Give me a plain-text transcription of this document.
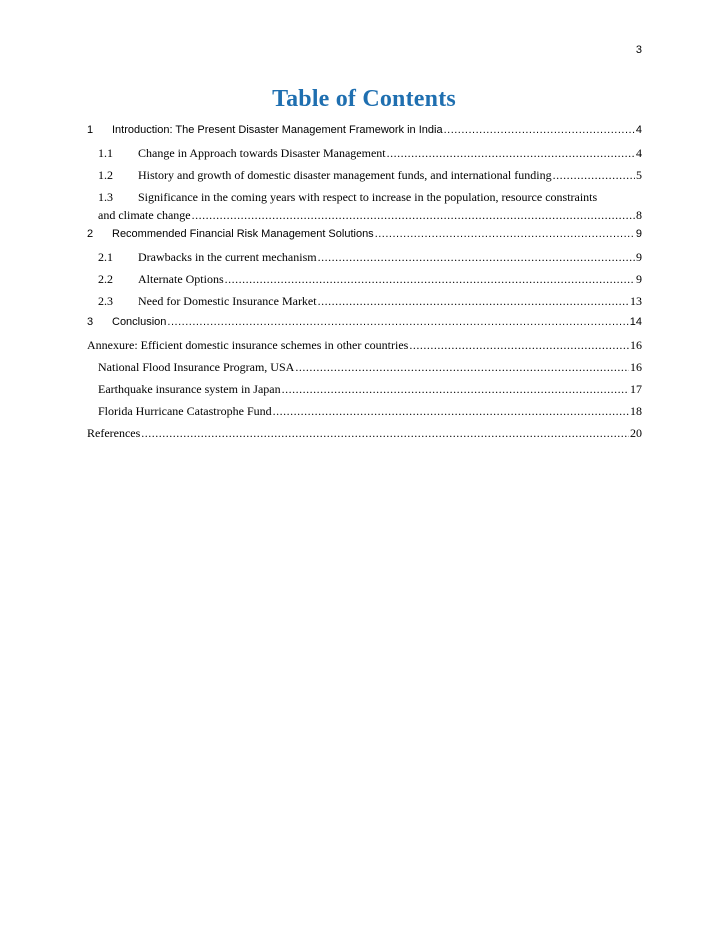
3
Table of Contents
1	Introduction: The Present Disaster Management Framework in India .....	4
1.1	Change in Approach towards Disaster Management .....	4
1.2	History and growth of domestic disaster management funds, and international funding .....	5
1.3	Significance in the coming years with respect to increase in the population, resource constraints
and climate change .....	8
2	Recommended Financial Risk Management Solutions .....	9
2.1	Drawbacks in the current mechanism .....	9
2.2	Alternate Options .....	9
2.3	Need for Domestic Insurance Market .....	13
3	Conclusion .....	14
Annexure: Efficient domestic insurance schemes in other countries .....	16
National Flood Insurance Program, USA .....	16
Earthquake insurance system in Japan .....	17
Florida Hurricane Catastrophe Fund .....	18
References .....	20
